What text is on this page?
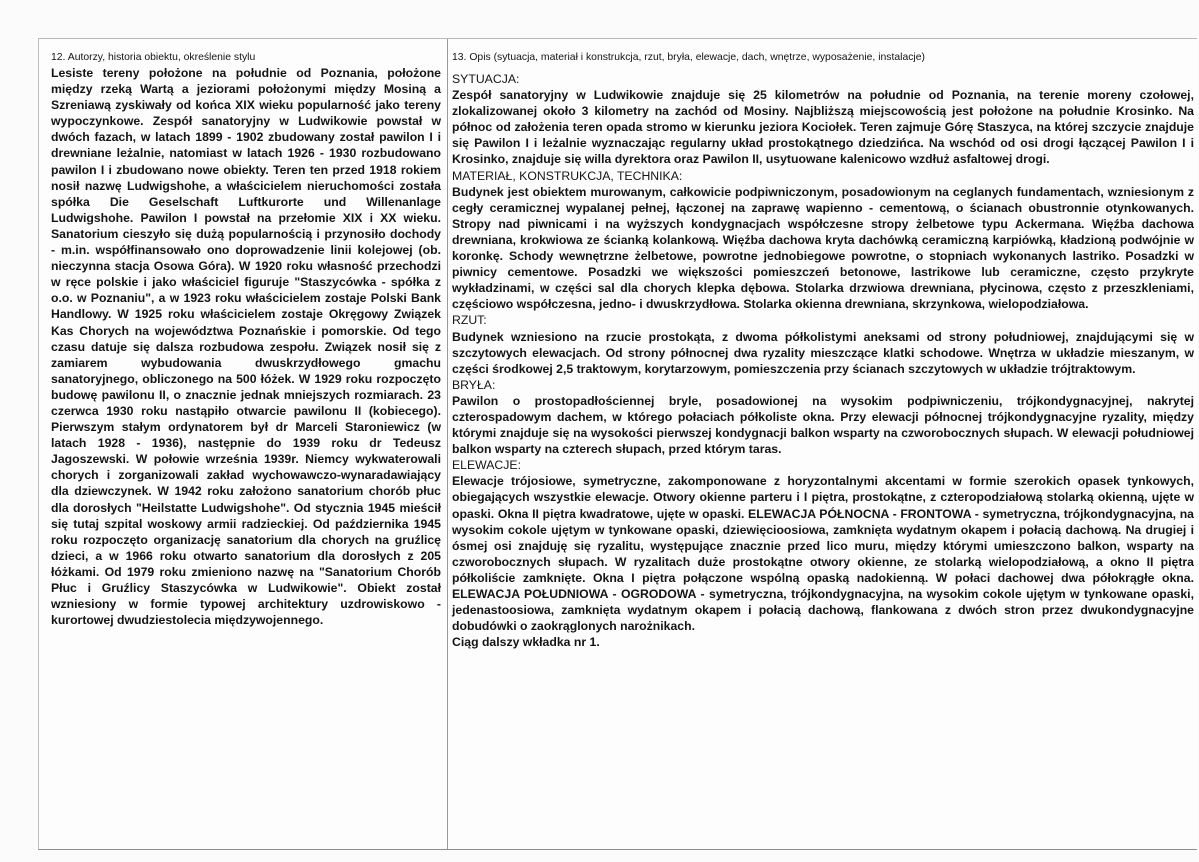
12. Autorzy, historia obiektu, określenie stylu

Lesiste tereny położone na południe od Poznania, położone między rzeką Wartą a jeziorami położonymi między Mosiną a Szreniawą zyskiwały od końca XIX wieku popularność jako tereny wypoczynkowe. Zespół sanatoryjny w Ludwikowie powstał w dwóch fazach, w latach 1899 - 1902 zbudowany został pawilon I i drewniane leżalnie, natomiast w latach 1926 - 1930 rozbudowano pawilon I i zbudowano nowe obiekty. Teren ten przed 1918 rokiem nosił nazwę Ludwigshohe, a właścicielem nieruchomości została spółka Die Geselschaft Luftkurorte und Willenanlage Ludwigshohe. Pawilon I powstał na przełomie XIX i XX wieku. Sanatorium cieszyło się dużą popularnością i przynosiło dochody - m.in. współfinansowało ono doprowadzenie linii kolejowej (ob. nieczynna stacja Osowa Góra). W 1920 roku własność przechodzi w ręce polskie i jako właściciel figuruje "Staszycówka - spółka z o.o. w Poznaniu", a w 1923 roku właścicielem zostaje Polski Bank Handlowy. W 1925 roku właścicielem zostaje Okręgowy Związek Kas Chorych na województwa Poznańskie i pomorskie. Od tego czasu datuje się dalsza rozbudowa zespołu. Związek nosił się z zamiarem wybudowania dwuskrzydłowego gmachu sanatoryjnego, obliczonego na 500 łóżek. W 1929 roku rozpoczęto budowę pawilonu II, o znacznie jednak mniejszych rozmiarach. 23 czerwca 1930 roku nastąpiło otwarcie pawilonu II (kobiecego). Pierwszym stałym ordynatorem był dr Marceli Staroniewicz (w latach 1928 - 1936), następnie do 1939 roku dr Tedeusz Jagoszewski. W połowie września 1939r. Niemcy wykwaterowali chorych i zorganizowali zakład wychowawczo-wynaradawiający dla dziewczynek. W 1942 roku założono sanatorium chorób płuc dla dorosłych "Heilstatte Ludwigshohe". Od stycznia 1945 mieścił się tutaj szpital woskowy armii radzieckiej. Od października 1945 roku rozpoczęto organizację sanatorium dla chorych na gruźlicę dzieci, a w 1966 roku otwarto sanatorium dla dorosłych z 205 łóżkami. Od 1979 roku zmieniono nazwę na "Sanatorium Chorób Płuc i Gruźlicy Staszycówka w Ludwikowie". Obiekt został wzniesiony w formie typowej architektury uzdrowiskowo - kurortowej dwudziestolecia międzywojennego.

13. Opis (sytuacja, materiał i konstrukcja, rzut, bryła, elewacje, dach, wnętrze, wyposażenie, instalacje)
SYTUACJA:

Zespół sanatoryjny w Ludwikowie znajduje się 25 kilometrów na południe od Poznania, na terenie moreny czołowej, zlokalizowanej około 3 kilometry na zachód od Mosiny. Najbliższą miejscowością jest położone na południe Krosinko. Na północ od założenia teren opada stromo w kierunku jeziora Kociołek. Teren zajmuje Górę Staszyca, na której szczycie znajduje się Pawilon I i leżalnie wyznaczając regularny układ prostokątnego dziedzińca. Na wschód od osi drogi łączącej Pawilon I i Krosinko, znajduje się willa dyrektora oraz Pawilon II, usytuowane kalenicowo wzdłuż asfaltowej drogi.

MATERIAŁ, KONSTRUKCJA, TECHNIKA:

Budynek jest obiektem murowanym, całkowicie podpiwniczonym, posadowionym na ceglanych fundamentach, wzniesionym z cegły ceramicznej wypalanej pełnej, łączonej na zaprawę wapienno - cementową, o ścianach obustronnie otynkowanych. Stropy nad piwnicami i na wyższych kondygnacjach współczesne stropy żelbetowe typu Ackermana. Więźba dachowa drewniana, krokwiowa ze ścianką kolankową. Więźba dachowa kryta dachówką ceramiczną karpiówką, kładzioną podwójnie w koronkę. Schody wewnętrzne żelbetowe, powrotne jednobiegowe powrotne, o stopniach wykonanych lastriko. Posadzki w piwnicy cementowe. Posadzki we większości pomieszczeń betonowe, lastrikowe lub ceramiczne, często przykryte wykładzinami, w części sal dla chorych klepka dębowa. Stolarka drzwiowa drewniana, płycinowa, często z przeszkleniami, częściowo współczesna, jedno- i dwuskrzydłowa. Stolarka okienna drewniana, skrzynkowa, wielopodziałowa.

RZUT:

Budynek wzniesiono na rzucie prostokąta, z dwoma półkolistymi aneksami od strony południowej, znajdującymi się w szczytowych elewacjach. Od strony północnej dwa ryzality mieszczące klatki schodowe. Wnętrza w układzie mieszanym, w części środkowej 2,5 traktowym, korytarzowym, pomieszczenia przy ścianach szczytowych w układzie trójtraktowym.

BRYŁA:

Pawilon o prostopadłościennej bryle, posadowionej na wysokim podpiwniczeniu, trójkondygnacyjnej, nakrytej czterospadowym dachem, w którego połaciach półkoliste okna. Przy elewacji północnej trójkondygnacyjne ryzality, między którymi znajduje się na wysokości pierwszej kondygnacji balkon wsparty na czworobocznych słupach. W elewacji południowej balkon wsparty na czterech słupach, przed którym taras.

ELEWACJE:

Elewacje trójosiowe, symetryczne, zakomponowane z horyzontalnymi akcentami w formie szerokich opasek tynkowych, obiegających wszystkie elewacje. Otwory okienne parteru i I piętra, prostokątne, z czteropodziałową stolarką okienną, ujęte w opaski. Okna II piętra kwadratowe, ujęte w opaski. ELEWACJA PÓŁNOCNA - FRONTOWA - symetryczna, trójkondygnacyjna, na wysokim cokole ujętym w tynkowane opaski, dziewięcioosiowa, zamknięta wydatnym okapem i połacią dachową. Na drugiej i ósmej osi znajduję się ryzalitu, występujące znacznie przed lico muru, między którymi umieszczono balkon, wsparty na czworobocznych słupach. W ryzalitach duże prostokątne otwory okienne, ze stolarką wielopodziałową, a okno II piętra półkoliście zamknięte. Okna I piętra połączone wspólną opaską nadokienną. W połaci dachowej dwa półokrągłe okna. ELEWACJA POŁUDNIOWA - OGRODOWA - symetryczna, trójkondygnacyjna, na wysokim cokole ujętym w tynkowane opaski, jedenastoosiowa, zamknięta wydatnym okapem i połacią dachową, flankowana z dwóch stron przez dwukondygnacyjne dobudówki o zaokrąglonych narożnikach.

Ciąg dalszy wkładka nr 1.
